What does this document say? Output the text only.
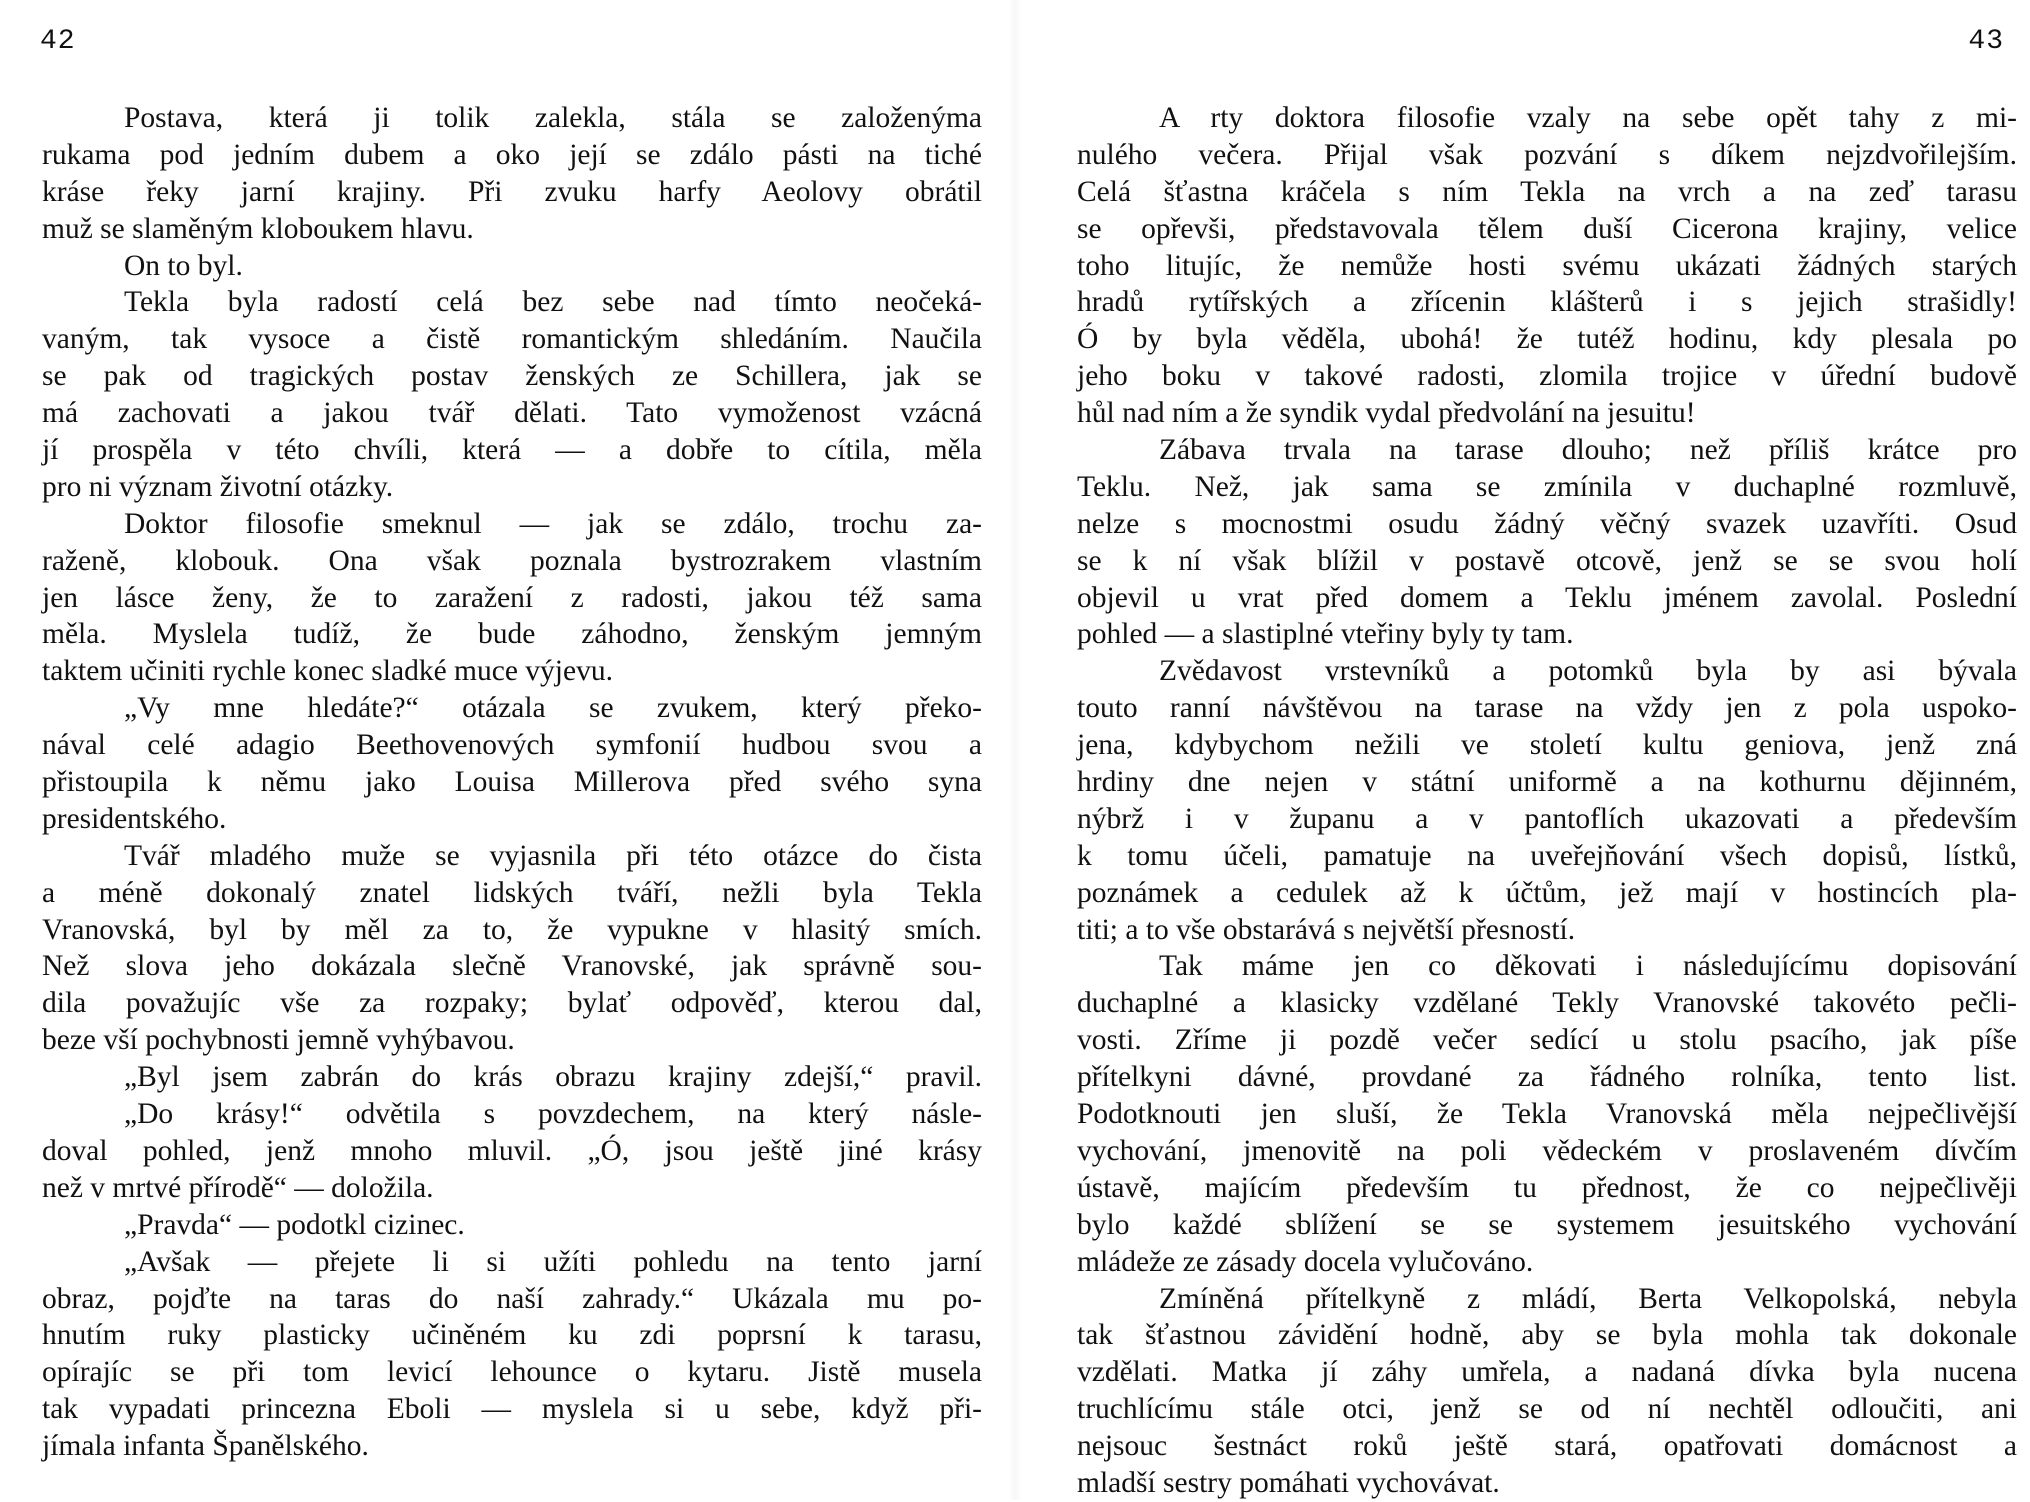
42
Postava, která ji tolik zalekla, stála se založenýma
rukama pod jedním dubem a oko její se zdálo pásti na tiché
kráse řeky jarní krajiny. Při zvuku harfy Aeolovy obrátil
muž se slaměným kloboukem hlavu.
On to byl.
Tekla byla radostí celá bez sebe nad tímto neočeká-
vaným, tak vysoce a čistě romantickým shledáním. Naučila
se pak od tragických postav ženských ze Schillera, jak se
má zachovati a jakou tvář dělati. Tato vymoženost vzácná
jí prospěla v této chvíli, která — a dobře to cítila, měla
pro ni význam životní otázky.
Doktor filosofie smeknul — jak se zdálo, trochu za-
raženě, klobouk. Ona však poznala bystrozrakem vlastním
jen lásce ženy, že to zaražení z radosti, jakou též sama
měla. Myslela tudíž, že bude záhodno, ženským jemným
taktem učiniti rychle konec sladké muce výjevu.
„Vy mne hledáte?“ otázala se zvukem, který překo-
nával celé adagio Beethovenových symfonií hudbou svou a
přistoupila k němu jako Louisa Millerova před svého syna
presidentského.
Tvář mladého muže se vyjasnila při této otázce do čista
a méně dokonalý znatel lidských tváří, nežli byla Tekla
Vranovská, byl by měl za to, že vypukne v hlasitý smích.
Než slova jeho dokázala slečně Vranovské, jak správně sou-
dila považujíc vše za rozpaky; bylať odpověď, kterou dal,
beze vší pochybnosti jemně vyhýbavou.
„Byl jsem zabrán do krás obrazu krajiny zdejší,“ pravil.
„Do krásy!“ odvětila s povzdechem, na který násle-
doval pohled, jenž mnoho mluvil. „Ó, jsou ještě jiné krásy
než v mrtvé přírodě“ — doložila.
„Pravda“ — podotkl cizinec.
„Avšak — přejete li si užíti pohledu na tento jarní
obraz, pojďte na taras do naší zahrady.“ Ukázala mu po-
hnutím ruky plasticky učiněném ku zdi poprsní k tarasu,
opírajíc se při tom levicí lehounce o kytaru. Jistě musela
tak vypadati princezna Eboli — myslela si u sebe, když při-
jímala infanta Španělského.
43
A rty doktora filosofie vzaly na sebe opět tahy z mi-
nulého večera. Přijal však pozvání s díkem nejzdvořilejším.
Celá šťastna kráčela s ním Tekla na vrch a na zeď tarasu
se opřevši, představovala tělem duší Cicerona krajiny, velice
toho litujíc, že nemůže hosti svému ukázati žádných starých
hradů rytířských a zřícenin klášterů i s jejich strašidly!
Ó by byla věděla, ubohá! že tutéž hodinu, kdy plesala po
jeho boku v takové radosti, zlomila trojice v úřední budově
hůl nad ním a že syndik vydal předvolání na jesuitu!
Zábava trvala na tarase dlouho; než příliš krátce pro
Teklu. Než, jak sama se zmínila v duchaplné rozmluvě,
nelze s mocnostmi osudu žádný věčný svazek uzavříti. Osud
se k ní však blížil v postavě otcově, jenž se se svou holí
objevil u vrat před domem a Teklu jménem zavolal. Poslední
pohled — a slastiplné vteřiny byly ty tam.
Zvědavost vrstevníků a potomků byla by asi bývala
touto ranní návštěvou na tarase na vždy jen z pola uspoko-
jena, kdybychom nežili ve století kultu geniova, jenž zná
hrdiny dne nejen v státní uniformě a na kothurnu dějinném,
nýbrž i v županu a v pantoflích ukazovati a především
k tomu účeli, pamatuje na uveřejňování všech dopisů, lístků,
poznámek a cedulek až k účtům, jež mají v hostincích pla-
titi; a to vše obstarává s největší přesností.
Tak máme jen co děkovati i následujícímu dopisování
duchaplné a klasicky vzdělané Tekly Vranovské takovéto pečli-
vosti. Zříme ji pozdě večer sedící u stolu psacího, jak píše
přítelkyni dávné, provdané za řádného rolníka, tento list.
Podotknouti jen sluší, že Tekla Vranovská měla nejpečlivější
vychování, jmenovitě na poli vědeckém v proslaveném dívčím
ústavě, majícím především tu přednost, že co nejpečlivěji
bylo každé sblížení se se systemem jesuitského vychování
mládeže ze zásady docela vylučováno.
Zmíněná přítelkyně z mládí, Berta Velkopolská, nebyla
tak šťastnou závidění hodně, aby se byla mohla tak dokonale
vzdělati. Matka jí záhy umřela, a nadaná dívka byla nucena
truchlícímu stále otci, jenž se od ní nechtěl odloučiti, ani
nejsouc šestnáct roků ještě stará, opatřovati domácnost a
mladší sestry pomáhati vychovávat.
